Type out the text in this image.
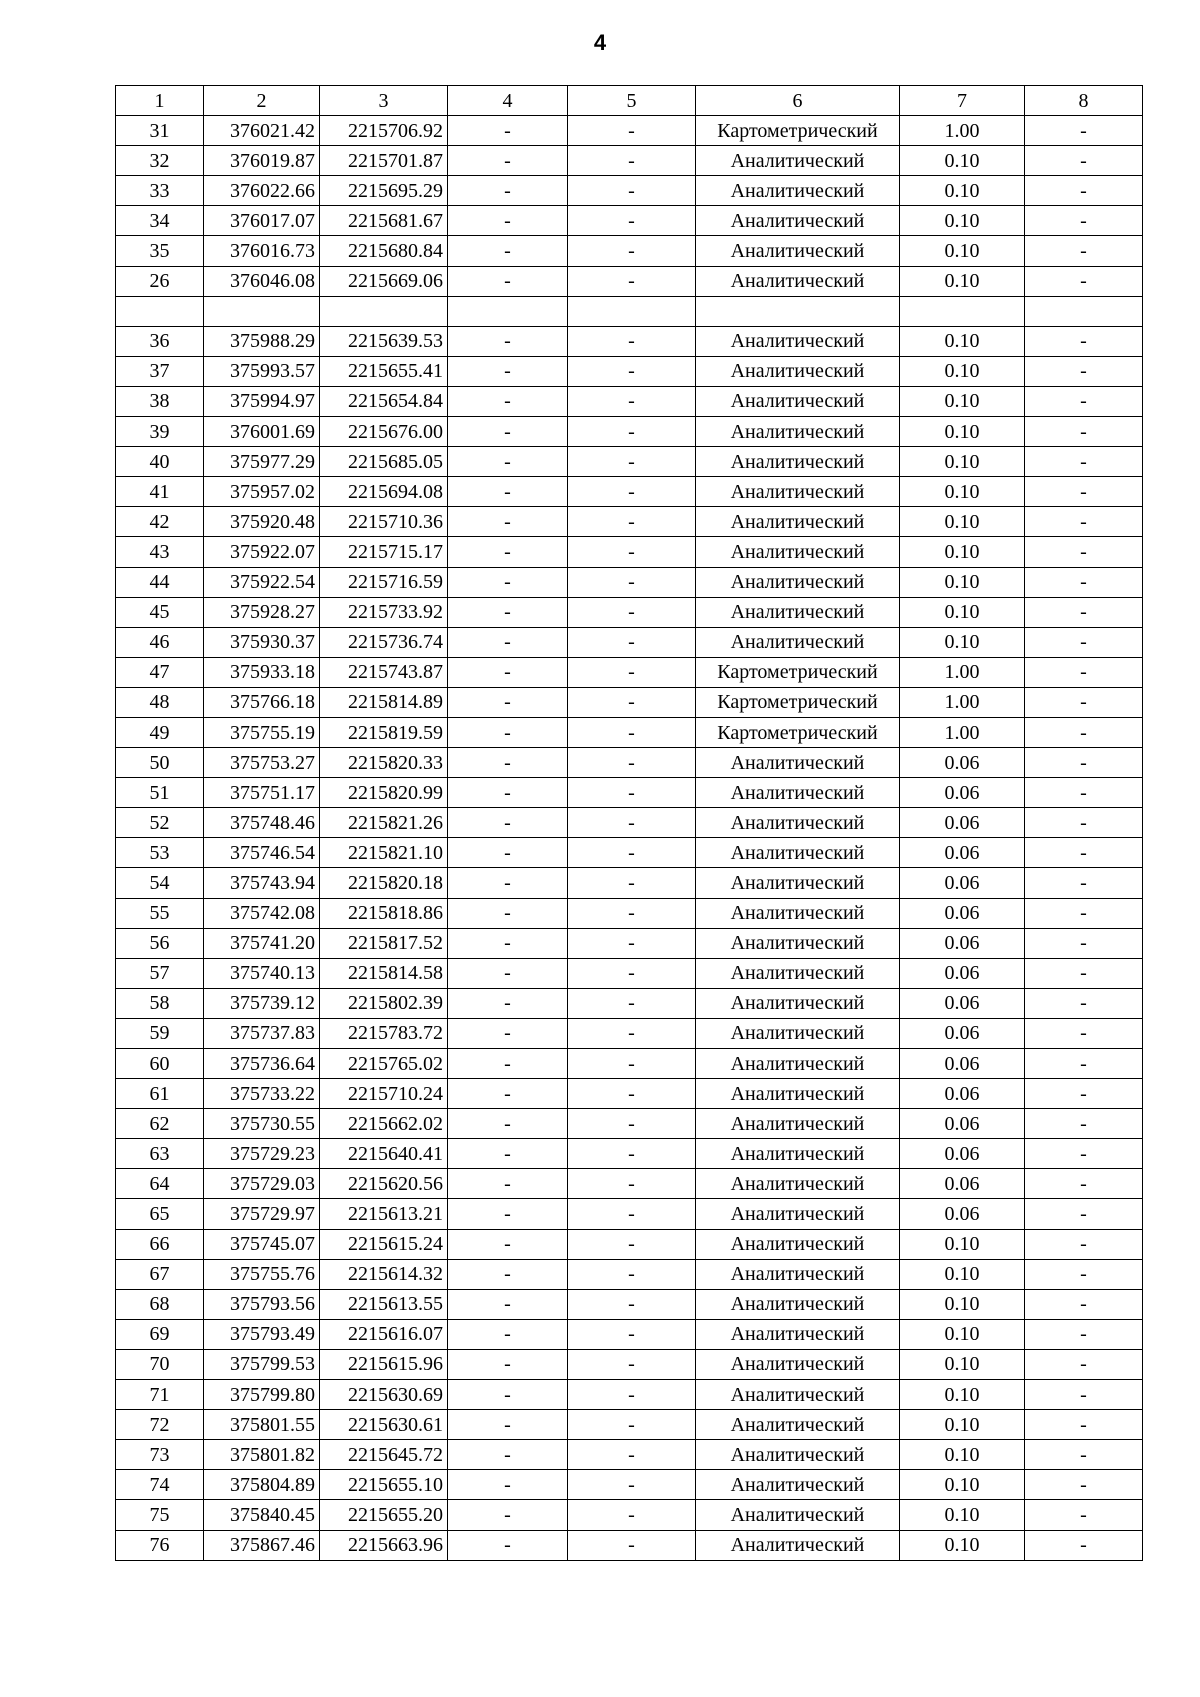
4
1	2	3	4	5	6	7	8
31	376021.42	2215706.92	-	-	Картометрический	1.00	-
32	376019.87	2215701.87	-	-	Аналитический	0.10	-
33	376022.66	2215695.29	-	-	Аналитический	0.10	-
34	376017.07	2215681.67	-	-	Аналитический	0.10	-
35	376016.73	2215680.84	-	-	Аналитический	0.10	-
26	376046.08	2215669.06	-	-	Аналитический	0.10	-

36	375988.29	2215639.53	-	-	Аналитический	0.10	-
37	375993.57	2215655.41	-	-	Аналитический	0.10	-
38	375994.97	2215654.84	-	-	Аналитический	0.10	-
39	376001.69	2215676.00	-	-	Аналитический	0.10	-
40	375977.29	2215685.05	-	-	Аналитический	0.10	-
41	375957.02	2215694.08	-	-	Аналитический	0.10	-
42	375920.48	2215710.36	-	-	Аналитический	0.10	-
43	375922.07	2215715.17	-	-	Аналитический	0.10	-
44	375922.54	2215716.59	-	-	Аналитический	0.10	-
45	375928.27	2215733.92	-	-	Аналитический	0.10	-
46	375930.37	2215736.74	-	-	Аналитический	0.10	-
47	375933.18	2215743.87	-	-	Картометрический	1.00	-
48	375766.18	2215814.89	-	-	Картометрический	1.00	-
49	375755.19	2215819.59	-	-	Картометрический	1.00	-
50	375753.27	2215820.33	-	-	Аналитический	0.06	-
51	375751.17	2215820.99	-	-	Аналитический	0.06	-
52	375748.46	2215821.26	-	-	Аналитический	0.06	-
53	375746.54	2215821.10	-	-	Аналитический	0.06	-
54	375743.94	2215820.18	-	-	Аналитический	0.06	-
55	375742.08	2215818.86	-	-	Аналитический	0.06	-
56	375741.20	2215817.52	-	-	Аналитический	0.06	-
57	375740.13	2215814.58	-	-	Аналитический	0.06	-
58	375739.12	2215802.39	-	-	Аналитический	0.06	-
59	375737.83	2215783.72	-	-	Аналитический	0.06	-
60	375736.64	2215765.02	-	-	Аналитический	0.06	-
61	375733.22	2215710.24	-	-	Аналитический	0.06	-
62	375730.55	2215662.02	-	-	Аналитический	0.06	-
63	375729.23	2215640.41	-	-	Аналитический	0.06	-
64	375729.03	2215620.56	-	-	Аналитический	0.06	-
65	375729.97	2215613.21	-	-	Аналитический	0.06	-
66	375745.07	2215615.24	-	-	Аналитический	0.10	-
67	375755.76	2215614.32	-	-	Аналитический	0.10	-
68	375793.56	2215613.55	-	-	Аналитический	0.10	-
69	375793.49	2215616.07	-	-	Аналитический	0.10	-
70	375799.53	2215615.96	-	-	Аналитический	0.10	-
71	375799.80	2215630.69	-	-	Аналитический	0.10	-
72	375801.55	2215630.61	-	-	Аналитический	0.10	-
73	375801.82	2215645.72	-	-	Аналитический	0.10	-
74	375804.89	2215655.10	-	-	Аналитический	0.10	-
75	375840.45	2215655.20	-	-	Аналитический	0.10	-
76	375867.46	2215663.96	-	-	Аналитический	0.10	-
